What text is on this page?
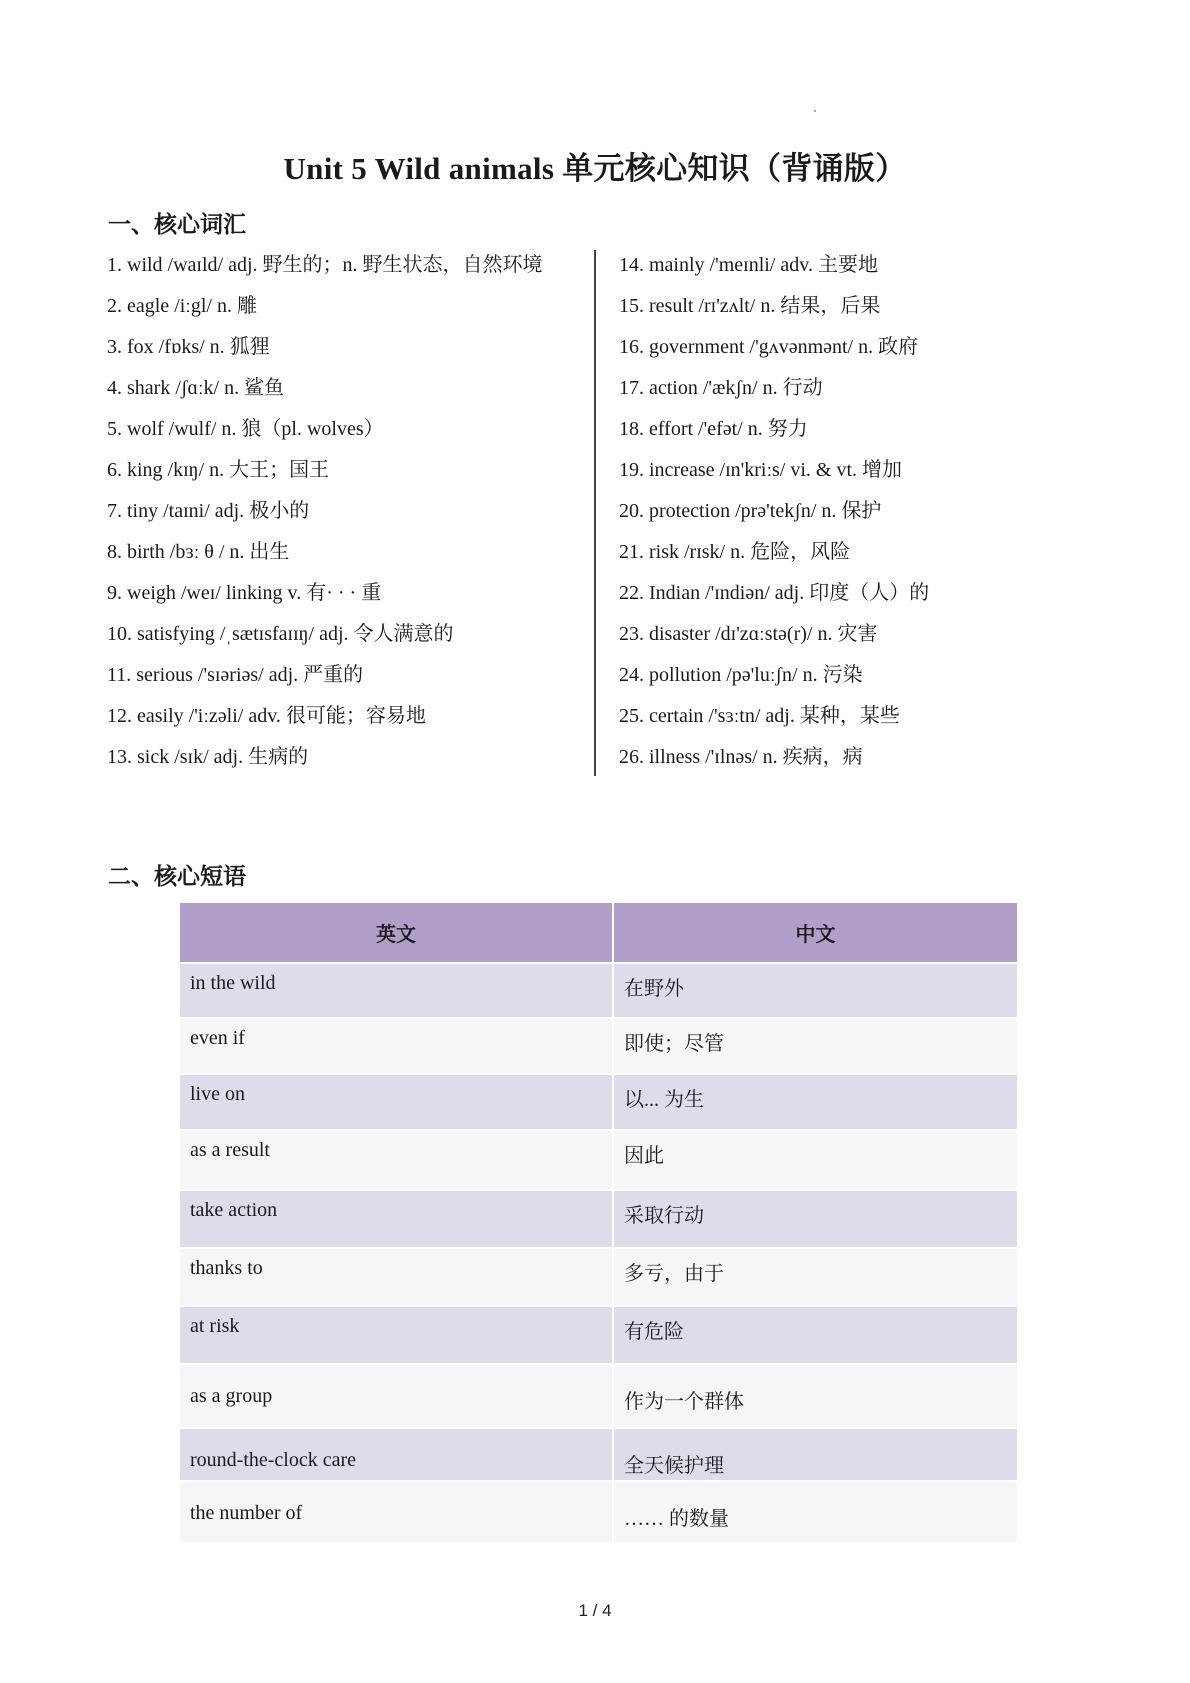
Unit 5 Wild animals 单元核心知识（背诵版）
一、核心词汇
1. wild /waɪld/ adj. 野生的；n. 野生状态，自然环境
2. eagle /iːgl/ n. 雕
3. fox /fɒks/ n. 狐狸
4. shark /ʃɑːk/ n. 鲨鱼
5. wolf /wulf/ n. 狼（pl. wolves）
6. king /kɪŋ/ n. 大王；国王
7. tiny /taɪni/ adj. 极小的
8. birth /bɜː θ / n. 出生
9. weigh /weɪ/ linking v. 有· · · 重
10. satisfying /ˌsætɪsfaɪɪŋ/ adj. 令人满意的
11. serious /'sɪəriəs/ adj. 严重的
12. easily /'iːzəli/ adv. 很可能；容易地
13. sick /sɪk/ adj. 生病的
14. mainly /'meɪnli/ adv. 主要地
15. result /rɪ'zʌlt/ n. 结果，后果
16. government /'gʌvənmənt/ n. 政府
17. action /'ækʃn/ n. 行动
18. effort /'efət/ n. 努力
19. increase /ɪn'kriːs/ vi. & vt. 增加
20. protection /prə'tekʃn/ n. 保护
21. risk /rɪsk/ n. 危险，风险
22. Indian /'ɪndiən/ adj. 印度（人）的
23. disaster /dɪ'zɑːstə(r)/ n. 灾害
24. pollution /pə'luːʃn/ n. 污染
25. certain /'sɜːtn/ adj. 某种，某些
26. illness /'ɪlnəs/ n. 疾病，病
二、核心短语
英文	中文
in the wild	在野外
even if	即使；尽管
live on	以... 为生
as a result	因此
take action	采取行动
thanks to	多亏，由于
at risk	有危险
as a group	作为一个群体
round-the-clock care	全天候护理
the number of	…… 的数量
1 / 4
